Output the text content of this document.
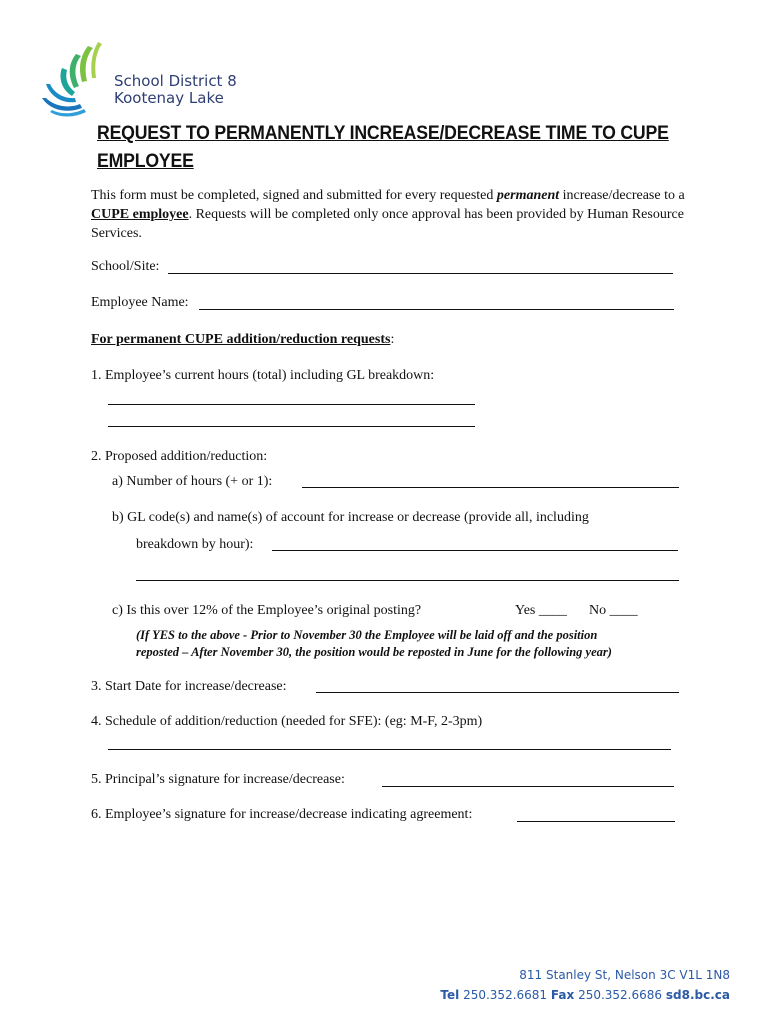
School District 8
Kootenay Lake
REQUEST TO PERMANENTLY INCREASE/DECREASE TIME TO CUPE
EMPLOYEE
This form must be completed, signed and submitted for every requested permanent increase/decrease to a CUPE employee. Requests will be completed only once approval has been provided by Human Resource Services.
School/Site:
Employee Name:
For permanent CUPE addition/reduction requests:
1. Employee’s current hours (total) including GL breakdown:
2. Proposed addition/reduction:
a) Number of hours (+ or 1):
b) GL code(s) and name(s) of account for increase or decrease (provide all, including
breakdown by hour):
c) Is this over 12% of the Employee’s original posting?	Yes ____ No ____
(If YES to the above - Prior to November 30 the Employee will be laid off and the position
reposted – After November 30, the position would be reposted in June for the following year)
3. Start Date for increase/decrease:
4. Schedule of addition/reduction (needed for SFE): (eg: M-F, 2-3pm)
5. Principal’s signature for increase/decrease:
6. Employee’s signature for increase/decrease indicating agreement:
811 Stanley St, Nelson 3C V1L 1N8
Tel 250.352.6681 Fax 250.352.6686 sd8.bc.ca
